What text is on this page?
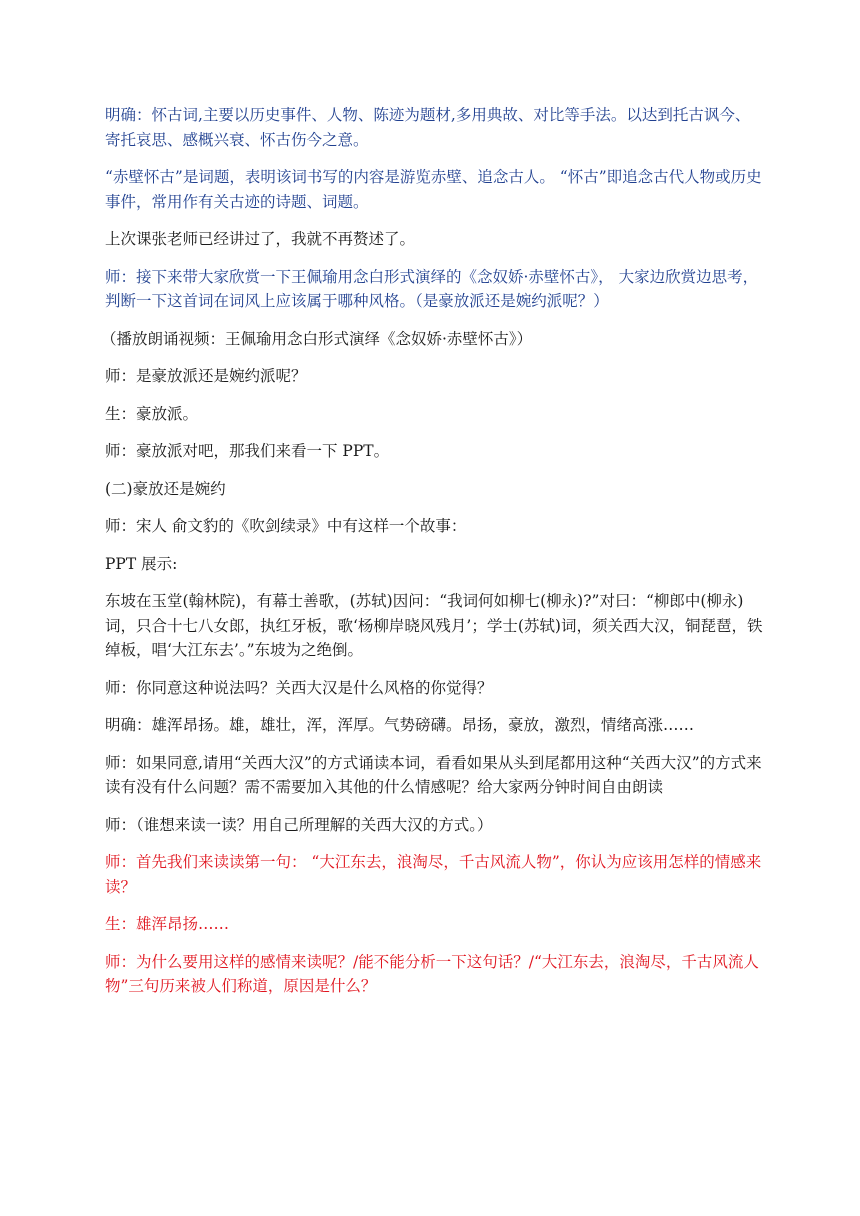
明确：怀古词,主要以历史事件、人物、陈迹为题材,多用典故、对比等手法。以达到托古讽今、寄托哀思、感概兴衰、怀古伤今之意。

“赤壁怀古”是词题，表明该词书写的内容是游览赤壁、追念古人。 “怀古”即追念古代人物或历史事件，常用作有关古迹的诗题、词题。

上次课张老师已经讲过了，我就不再赘述了。

师：接下来带大家欣赏一下王佩瑜用念白形式演绎的《念奴娇·赤壁怀古》， 大家边欣赏边思考，判断一下这首词在词风上应该属于哪种风格。（是豪放派还是婉约派呢？）

（播放朗诵视频：王佩瑜用念白形式演绎《念奴娇·赤壁怀古》）

师：是豪放派还是婉约派呢？

生：豪放派。

师：豪放派对吧，那我们来看一下 PPT。

(二)豪放还是婉约

师：宋人 俞文豹的《吹剑续录》中有这样一个故事：

PPT 展示:

东坡在玉堂(翰林院)，有幕士善歌，(苏轼)因问：“我词何如柳七(柳永)?”对曰：“柳郎中(柳永)词，只合十七八女郎，执红牙板，歌‘杨柳岸晓风残月’；学士(苏轼)词，须关西大汉，铜琵琶，铁绰板，唱‘大江东去’。”东坡为之绝倒。

师：你同意这种说法吗？关西大汉是什么风格的你觉得？

明确：雄浑昂扬。雄，雄壮，浑，浑厚。气势磅礴。昂扬，豪放，激烈，情绪高涨……

师：如果同意,请用“关西大汉”的方式诵读本词，看看如果从头到尾都用这种“关西大汉”的方式来读有没有什么问题？需不需要加入其他的什么情感呢？给大家两分钟时间自由朗读

师：（谁想来读一读？用自己所理解的关西大汉的方式。）

师：首先我们来读读第一句： “大江东去，浪淘尽，千古风流人物”，你认为应该用怎样的情感来读？

生：雄浑昂扬……

师：为什么要用这样的感情来读呢？/能不能分析一下这句话？/“大江东去，浪淘尽，千古风流人物”三句历来被人们称道，原因是什么？
